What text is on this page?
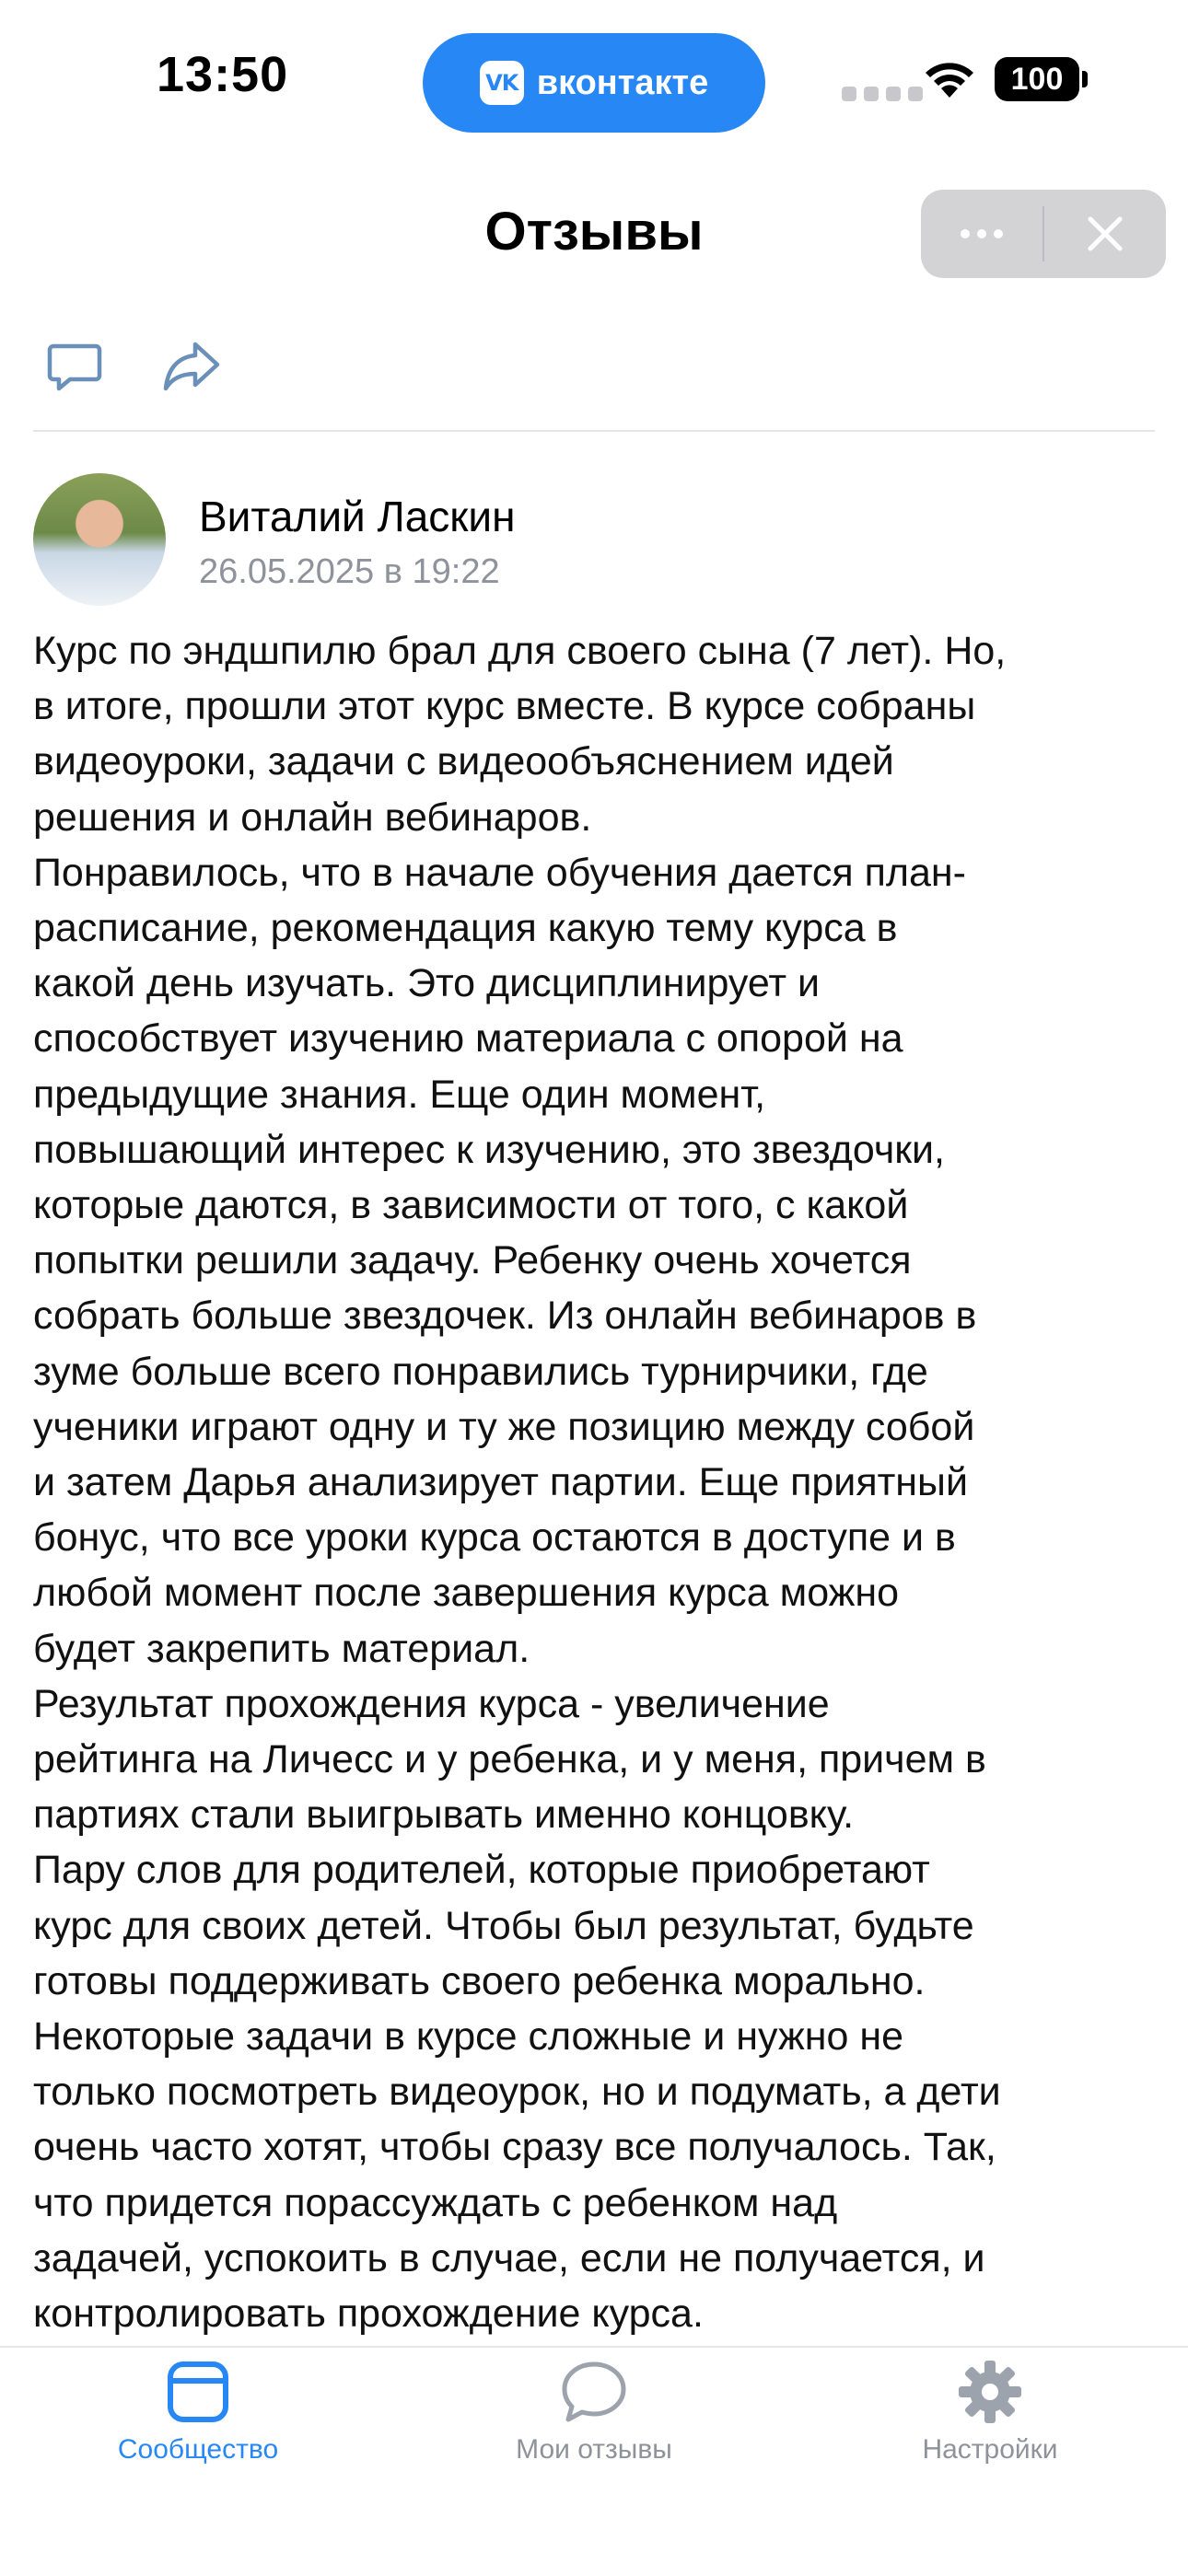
13:50	VK вконтакте	100
Отзывы
Виталий Ласкин
26.05.2025 в 19:22
Курс по эндшпилю брал для своего сына (7 лет). Но,
в итоге, прошли этот курс вместе. В курсе собраны
видеоуроки, задачи с видеообъяснением идей
решения и онлайн вебинаров.
Понравилось, что в начале обучения дается план-
расписание, рекомендация какую тему курса в
какой день изучать. Это дисциплинирует и
способствует изучению материала с опорой на
предыдущие знания. Еще один момент,
повышающий интерес к изучению, это звездочки,
которые даются, в зависимости от того, с какой
попытки решили задачу. Ребенку очень хочется
собрать больше звездочек. Из онлайн вебинаров в
зуме больше всего понравились турнирчики, где
ученики играют одну и ту же позицию между собой
и затем Дарья анализирует партии. Еще приятный
бонус, что все уроки курса остаются в доступе и в
любой момент после завершения курса можно
будет закрепить материал.
Результат прохождения курса - увеличение
рейтинга на Личесс и у ребенка, и у меня, причем в
партиях стали выигрывать именно концовку.
Пару слов для родителей, которые приобретают
курс для своих детей. Чтобы был результат, будьте
готовы поддерживать своего ребенка морально.
Некоторые задачи в курсе сложные и нужно не
только посмотреть видеоурок, но и подумать, а дети
очень часто хотят, чтобы сразу все получалось. Так,
что придется порассуждать с ребенком над
задачей, успокоить в случае, если не получается, и
контролировать прохождение курса.
Сообщество	Мои отзывы	Настройки
